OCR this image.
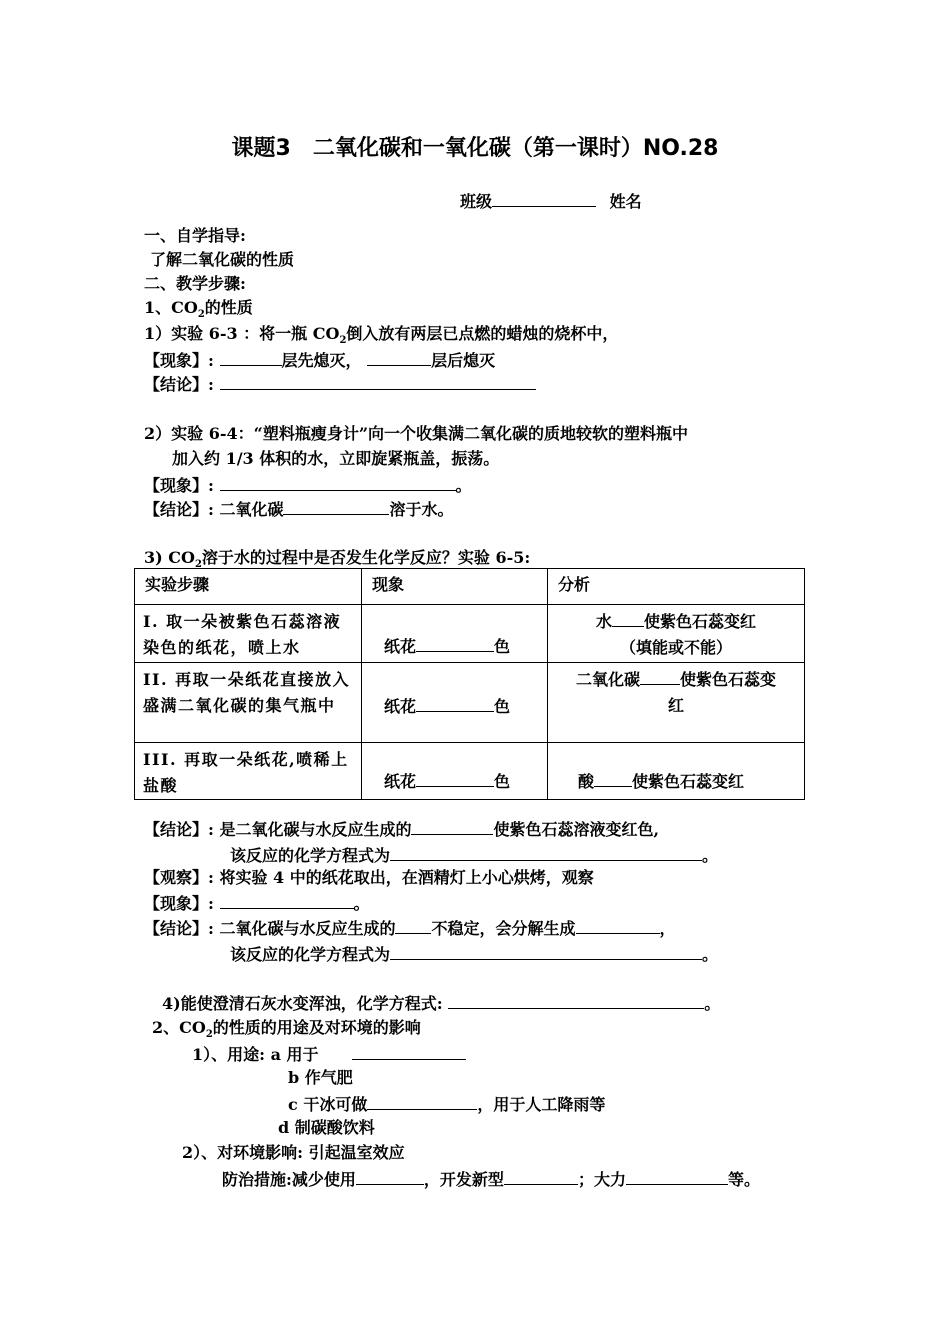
课题3　二氧化碳和一氧化碳（第一课时）NO.28
班级	姓名
一、自学指导:
了解二氧化碳的性质
二、教学步骤:
1、$CO_2$的性质
1）实验 6-3 ：将一瓶 $CO_2$倒入放有两层已点燃的蜡烛的烧杯中，
【现象】:	层先熄灭，	层后熄灭
【结论】:
2）实验 6-4：“塑料瓶瘦身计”向一个收集满二氧化碳的质地较软的塑料瓶中
加入约 1/3 体积的水，立即旋紧瓶盖，振荡。
【现象】:	。
【结论】: 二氧化碳	溶于水。
3) $CO_2$溶于水的过程中是否发生化学反应？实验 6-5:
实验步骤	现象	分析

I. 取一朵被紫色石蕊溶液染色的纸花，喷上水	纸花 色	水 使紫色石蕊变红
（填能或不能）

II. 再取一朵纸花直接放入盛满二氧化碳的集气瓶中	纸花 色	二氧化碳 使紫色石蕊变
红

III. 再取一朵纸花,喷稀上盐酸	纸花 色	酸 使紫色石蕊变红
【结论】: 是二氧化碳与水反应生成的	使紫色石蕊溶液变红色,
该反应的化学方程式为	。
【观察】: 将实验 4 中的纸花取出，在酒精灯上小心烘烤，观察
【现象】:	。
【结论】: 二氧化碳与水反应生成的 不稳定，会分解生成	，
该反应的化学方程式为	。
4)能使澄清石灰水变浑浊，化学方程式:	。
2、$CO_2$的性质的用途及对环境的影响
1）、用途: a 用于
b 作气肥
c 干冰可做	，用于人工降雨等
d 制碳酸饮料
2）、对环境影响: 引起温室效应
防治措施:减少使用	，开发新型	；大力	等。
